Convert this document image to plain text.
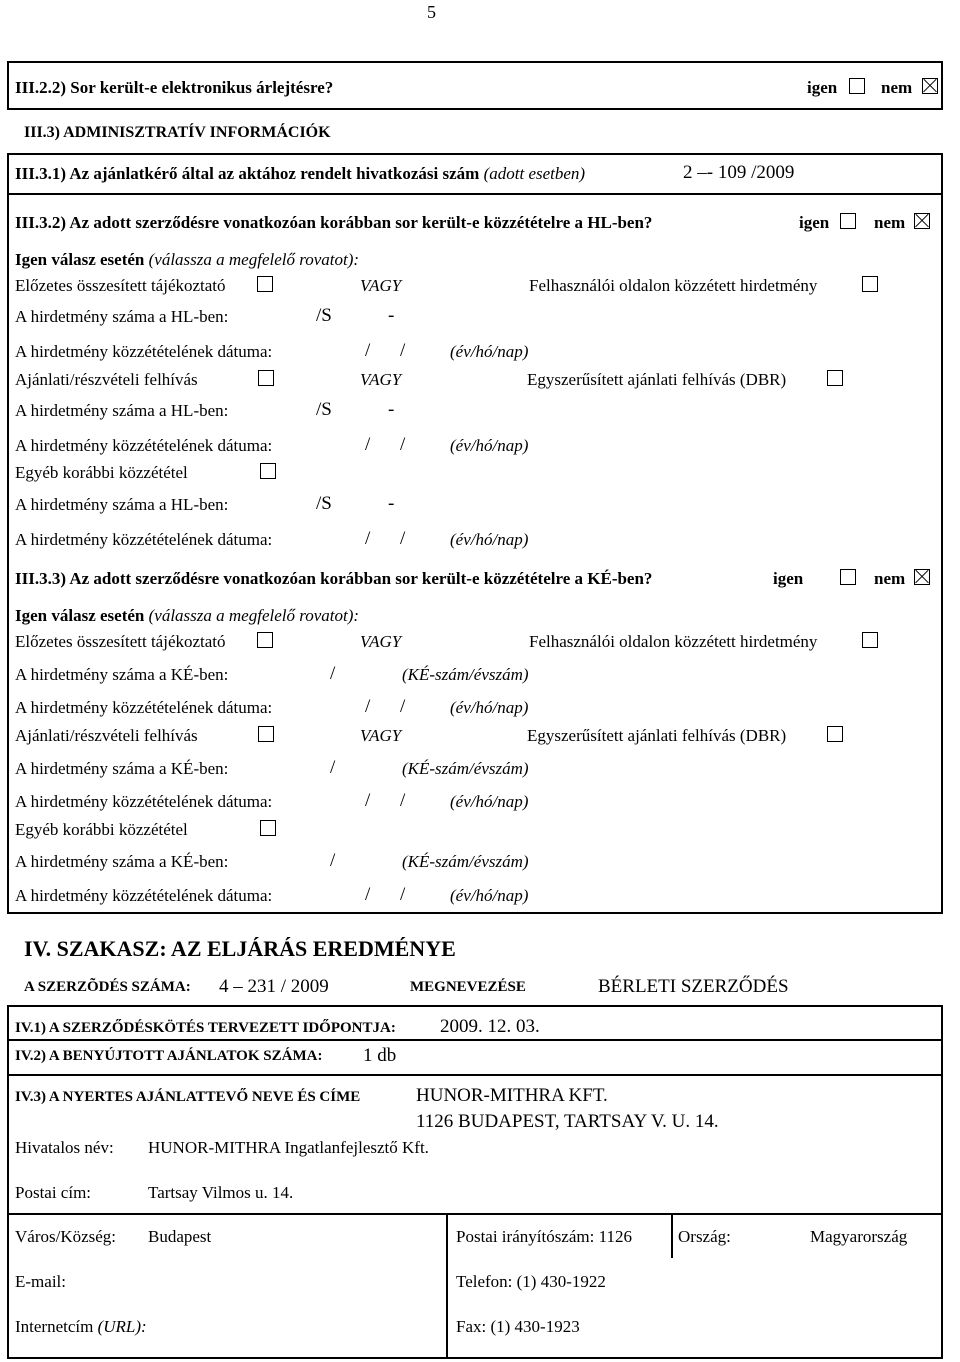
5
III.2.2) Sor került-e elektronikus árlejtésre?	igen	nem
III.3) ADMINISZTRATÍV INFORMÁCIÓK
III.3.1) Az ajánlatkérő által az aktához rendelt hivatkozási szám (adott esetben)	2 –- 109 /2009
III.3.2) Az adott szerződésre vonatkozóan korábban sor került-e közzétételre a HL-ben?	igen	nem
Igen válasz esetén (válassza a megfelelő rovatot):
Előzetes összesített tájékoztató	VAGY	Felhasználói oldalon közzétett hirdetmény
A hirdetmény száma a HL-ben:	/S	-
A hirdetmény közzétételének dátuma:	/ /	(év/hó/nap)
Ajánlati/részvételi felhívás	VAGY	Egyszerűsített ajánlati felhívás (DBR)
A hirdetmény száma a HL-ben:	/S	-
A hirdetmény közzétételének dátuma:	/ /	(év/hó/nap)
Egyéb korábbi közzététel
A hirdetmény száma a HL-ben:	/S	-
A hirdetmény közzétételének dátuma:	/ /	(év/hó/nap)
III.3.3) Az adott szerződésre vonatkozóan korábban sor került-e közzétételre a KÉ-ben?	igen	nem
Igen válasz esetén (válassza a megfelelő rovatot):
Előzetes összesített tájékoztató	VAGY	Felhasználói oldalon közzétett hirdetmény
A hirdetmény száma a KÉ-ben:	/	(KÉ-szám/évszám)
A hirdetmény közzétételének dátuma:	/ /	(év/hó/nap)
Ajánlati/részvételi felhívás	VAGY	Egyszerűsített ajánlati felhívás (DBR)
A hirdetmény száma a KÉ-ben:	/	(KÉ-szám/évszám)
A hirdetmény közzétételének dátuma:	/ /	(év/hó/nap)
Egyéb korábbi közzététel
A hirdetmény száma a KÉ-ben:	/	(KÉ-szám/évszám)
A hirdetmény közzétételének dátuma:	/ /	(év/hó/nap)
IV. SZAKASZ: AZ ELJÁRÁS EREDMÉNYE
A SZERZÕDÉS SZÁMA: 4 – 231 / 2009	MEGNEVEZÉSE	BÉRLETI SZERZŐDÉS
IV.1) A SZERZŐDÉSKÖTÉS TERVEZETT IDŐPONTJA: 2009. 12. 03.
IV.2) A BENYÚJTOTT AJÁNLATOK SZÁMA: 1 db
IV.3) A NYERTES AJÁNLATTEVŐ NEVE ÉS CÍME	HUNOR-MITHRA KFT.
1126 BUDAPEST, TARTSAY V. U. 14.
Hivatalos név: HUNOR-MITHRA Ingatlanfejlesztő Kft.
Postai cím:	Tartsay Vilmos u. 14.
Város/Község: Budapest	Postai irányítószám: 1126	Ország:	Magyarország
E-mail:	Telefon: (1) 430-1922
Internetcím (URL):	Fax: (1) 430-1923
